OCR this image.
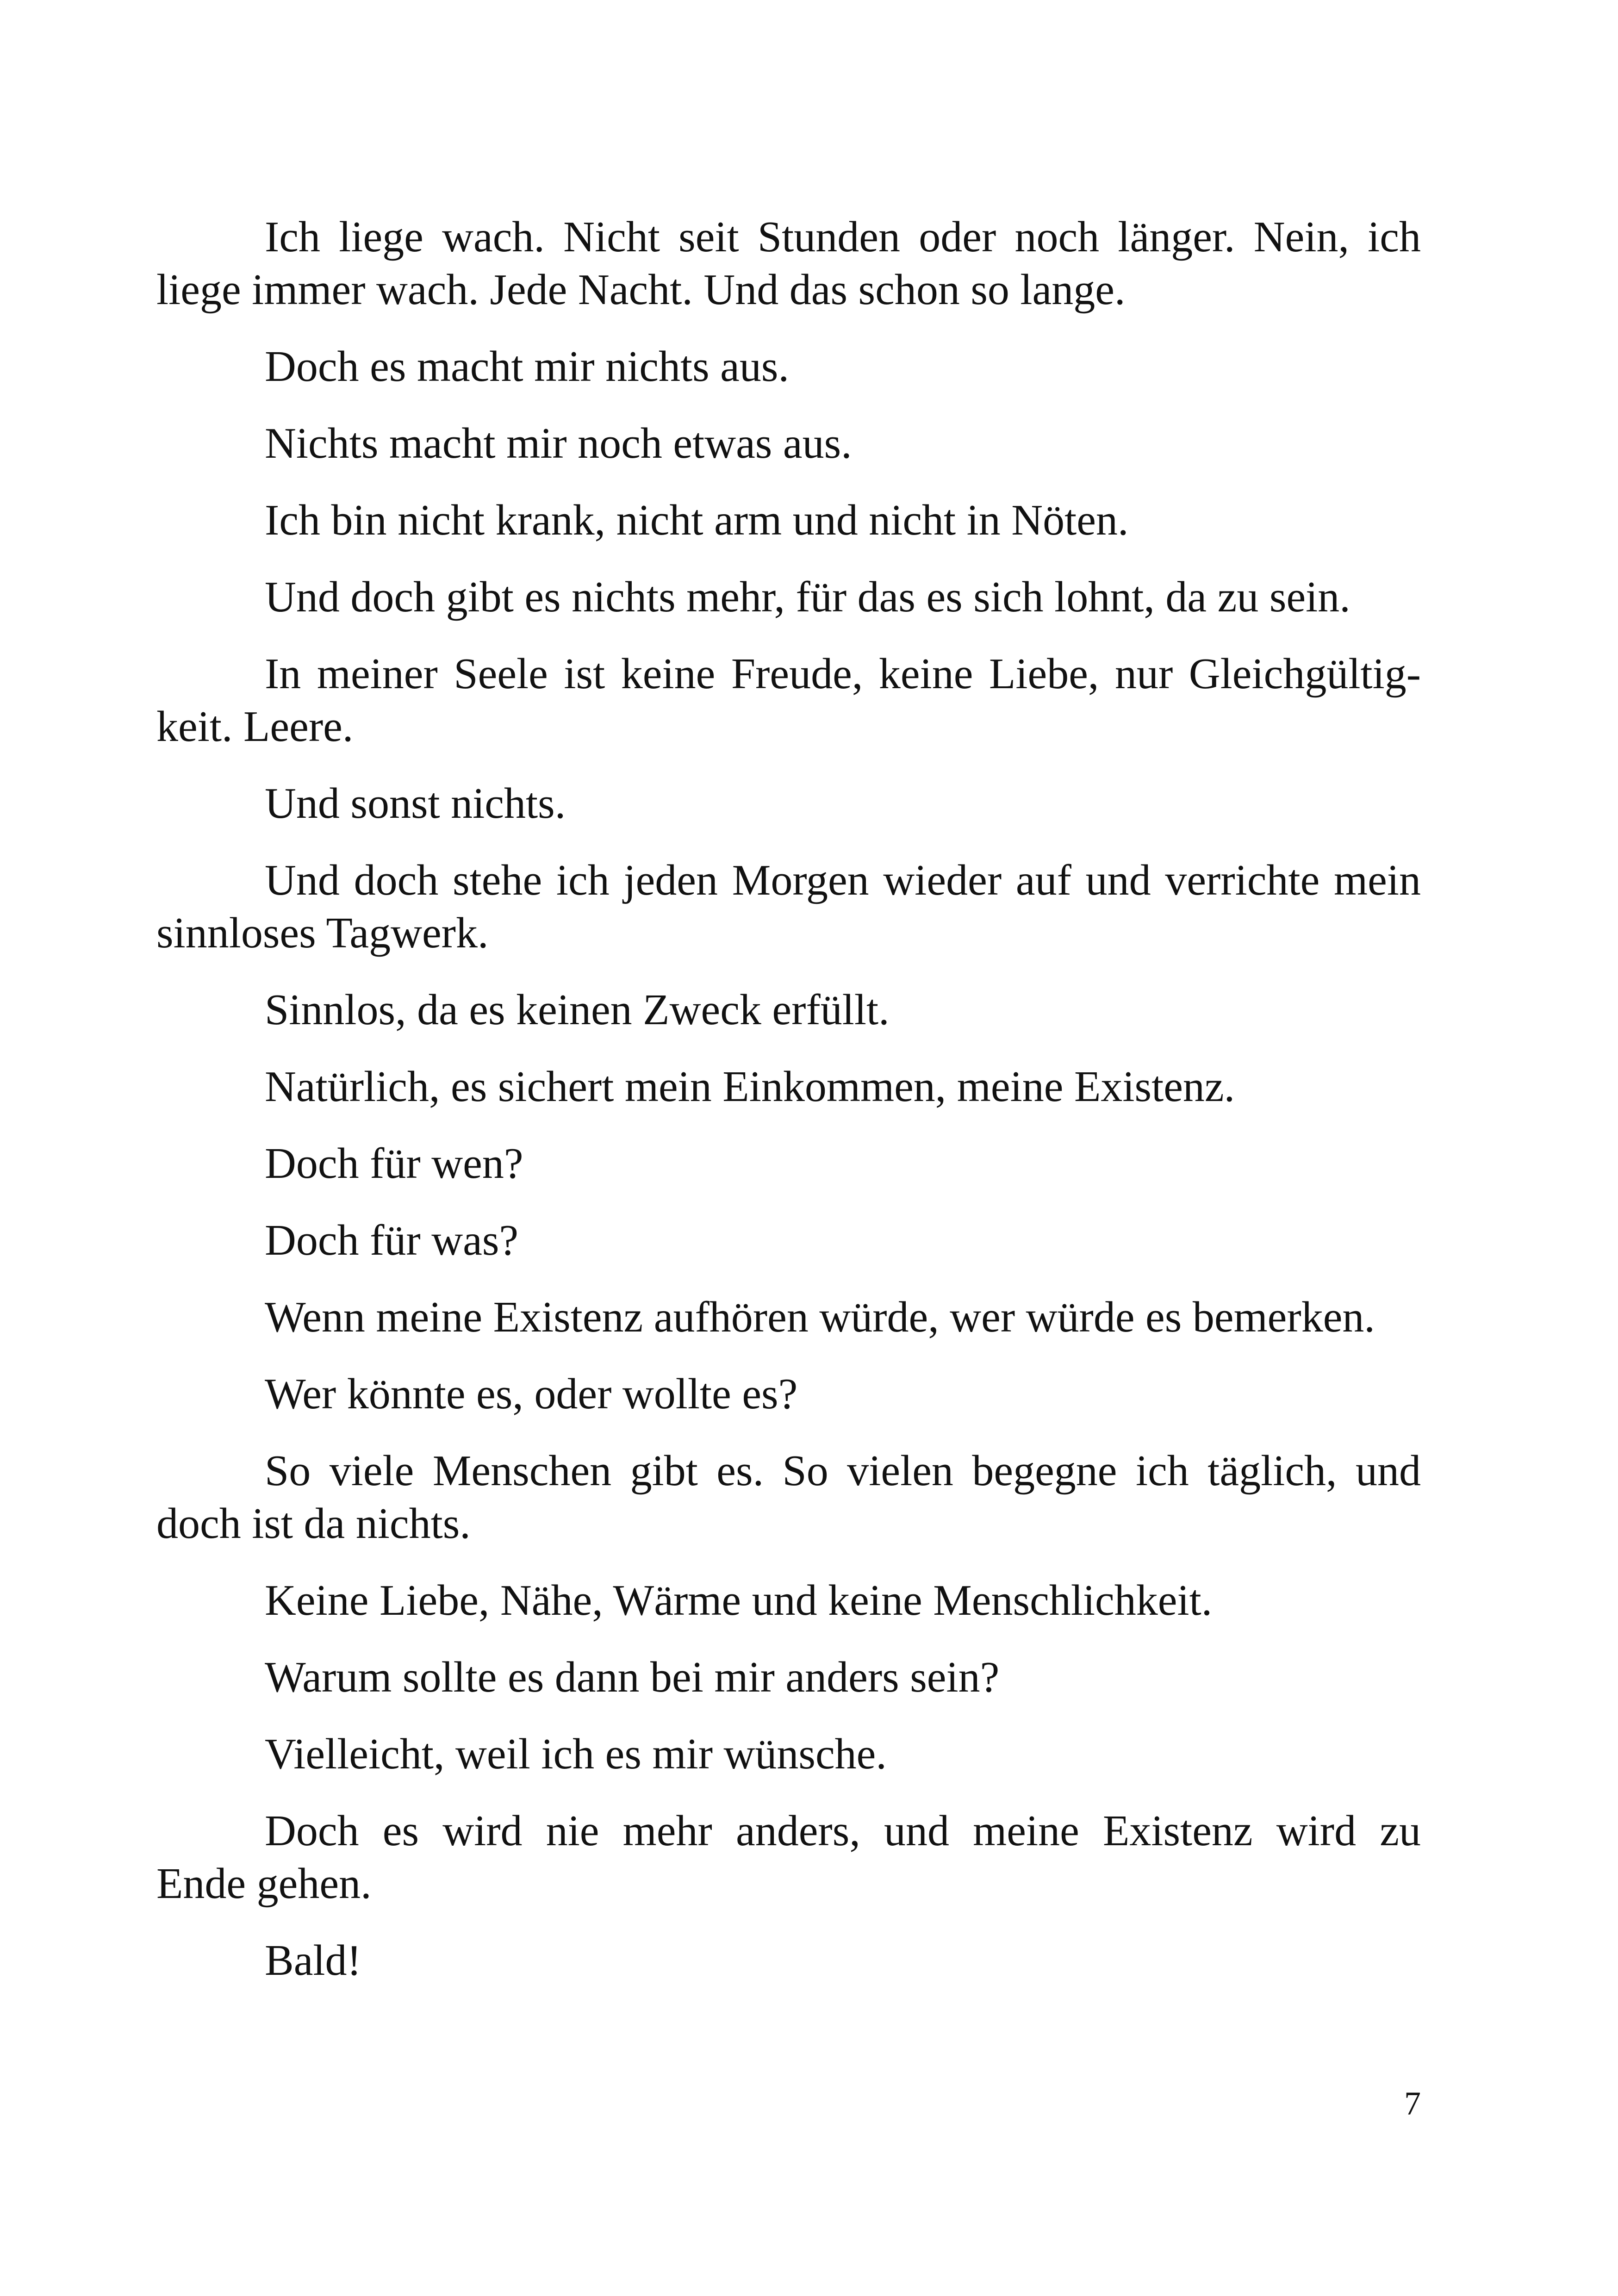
Ich liege wach. Nicht seit Stunden oder noch länger. Nein, ich
liege immer wach. Jede Nacht. Und das schon so lange.

Doch es macht mir nichts aus.

Nichts macht mir noch etwas aus.

Ich bin nicht krank, nicht arm und nicht in Nöten.

Und doch gibt es nichts mehr, für das es sich lohnt, da zu sein.

In meiner Seele ist keine Freude, keine Liebe, nur Gleichgültig-
keit. Leere.

Und sonst nichts.

Und doch stehe ich jeden Morgen wieder auf und verrichte mein
sinnloses Tagwerk.

Sinnlos, da es keinen Zweck erfüllt.

Natürlich, es sichert mein Einkommen, meine Existenz.

Doch für wen?

Doch für was?

Wenn meine Existenz aufhören würde, wer würde es bemerken.

Wer könnte es, oder wollte es?

So viele Menschen gibt es. So vielen begegne ich täglich, und
doch ist da nichts.

Keine Liebe, Nähe, Wärme und keine Menschlichkeit.

Warum sollte es dann bei mir anders sein?

Vielleicht, weil ich es mir wünsche.

Doch es wird nie mehr anders, und meine Existenz wird zu
Ende gehen.

Bald!

7
